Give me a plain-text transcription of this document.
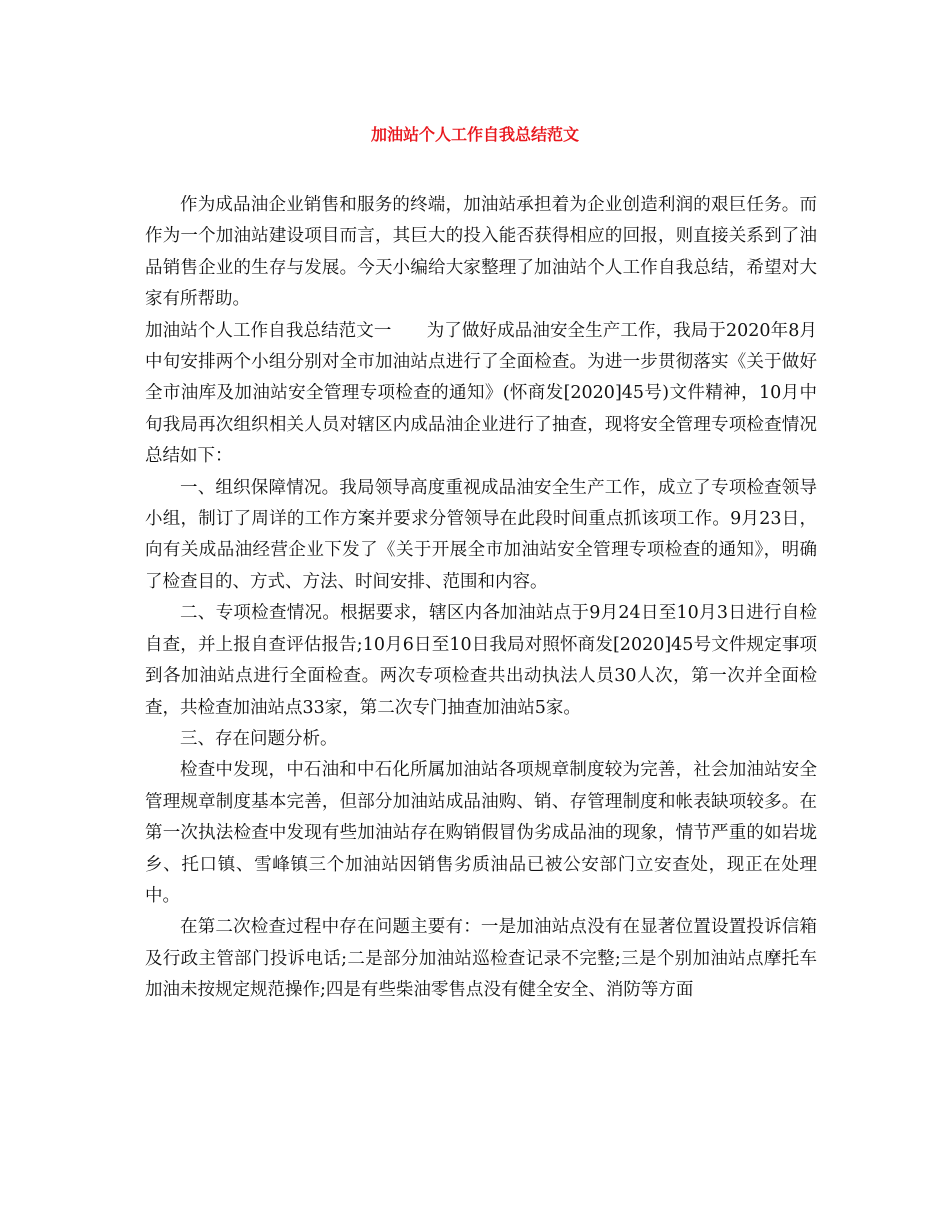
加油站个人工作自我总结范文

作为成品油企业销售和服务的终端，加油站承担着为企业创造利润的艰巨任务。而作为一个加油站建设项目而言，其巨大的投入能否获得相应的回报，则直接关系到了油品销售企业的生存与发展。今天小编给大家整理了加油站个人工作自我总结，希望对大家有所帮助。

加油站个人工作自我总结范文一　　为了做好成品油安全生产工作，我局于2020年8月中旬安排两个小组分别对全市加油站点进行了全面检查。为进一步贯彻落实《关于做好全市油库及加油站安全管理专项检查的通知》(怀商发[2020]45号)文件精神，10月中旬我局再次组织相关人员对辖区内成品油企业进行了抽查，现将安全管理专项检查情况总结如下：

一、组织保障情况。我局领导高度重视成品油安全生产工作，成立了专项检查领导小组，制订了周详的工作方案并要求分管领导在此段时间重点抓该项工作。9月23日，向有关成品油经营企业下发了《关于开展全市加油站安全管理专项检查的通知》，明确了检查目的、方式、方法、时间安排、范围和内容。

二、专项检查情况。根据要求，辖区内各加油站点于9月24日至10月3日进行自检自查，并上报自查评估报告;10月6日至10日我局对照怀商发[2020]45号文件规定事项到各加油站点进行全面检查。两次专项检查共出动执法人员30人次，第一次并全面检查，共检查加油站点33家，第二次专门抽查加油站5家。

三、存在问题分析。

检查中发现，中石油和中石化所属加油站各项规章制度较为完善，社会加油站安全管理规章制度基本完善，但部分加油站成品油购、销、存管理制度和帐表缺项较多。在第一次执法检查中发现有些加油站存在购销假冒伪劣成品油的现象，情节严重的如岩垅乡、托口镇、雪峰镇三个加油站因销售劣质油品已被公安部门立安查处，现正在处理中。

在第二次检查过程中存在问题主要有：一是加油站点没有在显著位置设置投诉信箱及行政主管部门投诉电话;二是部分加油站巡检查记录不完整;三是个别加油站点摩托车加油未按规定规范操作;四是有些柴油零售点没有健全安全、消防等方面
